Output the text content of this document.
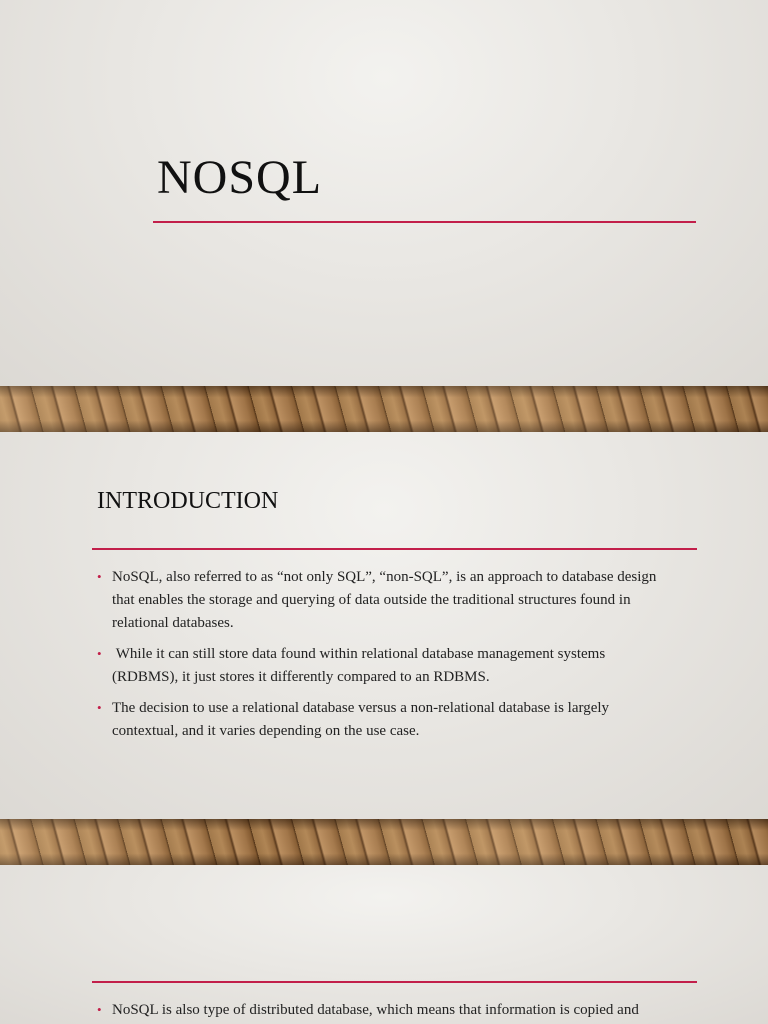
NOSQL
INTRODUCTION
• NoSQL, also referred to as “not only SQL”, “non-SQL”, is an approach to database design that enables the storage and querying of data outside the traditional structures found in relational databases.
• While it can still store data found within relational database management systems (RDBMS), it just stores it differently compared to an RDBMS.
• The decision to use a relational database versus a non-relational database is largely contextual, and it varies depending on the use case.
• NoSQL is also type of distributed database, which means that information is copied and
